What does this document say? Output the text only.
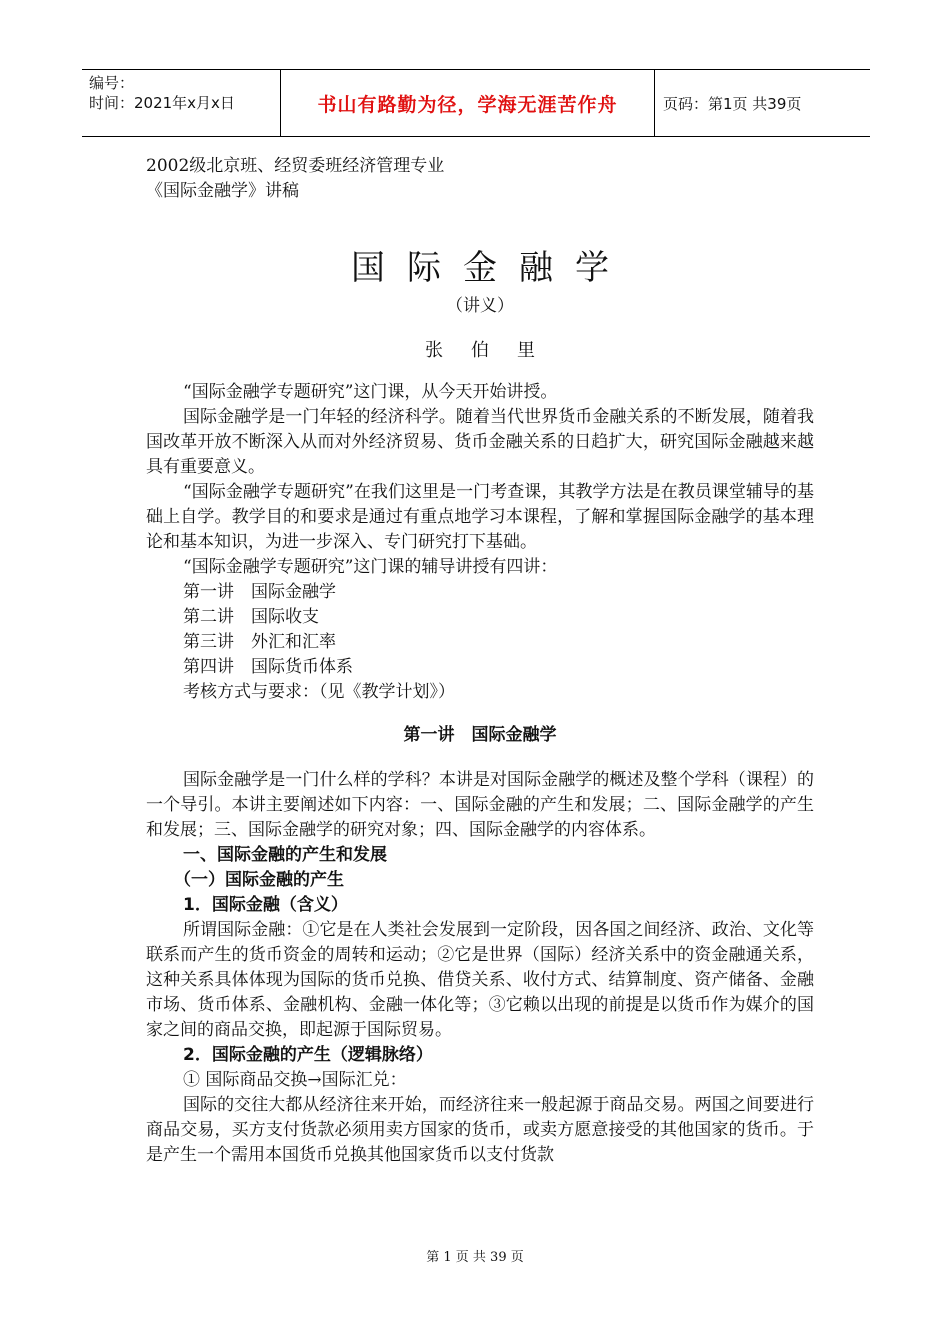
编号：
时间：2021年x月x日	书山有路勤为径，学海无涯苦作舟	页码：第1页 共39页
2002级北京班、经贸委班经济管理专业
《国际金融学》讲稿
国际金融学
（讲义）
张伯里

“国际金融学专题研究”这门课，从今天开始讲授。

国际金融学是一门年轻的经济科学。随着当代世界货币金融关系的不断发展，随着我国改革开放不断深入从而对外经济贸易、货币金融关系的日趋扩大，研究国际金融越来越具有重要意义。

“国际金融学专题研究”在我们这里是一门考查课，其教学方法是在教员课堂辅导的基础上自学。教学目的和要求是通过有重点地学习本课程，了解和掌握国际金融学的基本理论和基本知识，为进一步深入、专门研究打下基础。

“国际金融学专题研究”这门课的辅导讲授有四讲：

第一讲　国际金融学
第二讲　国际收支
第三讲　外汇和汇率
第四讲　国际货币体系
考核方式与要求：（见《教学计划》）
第一讲　国际金融学

国际金融学是一门什么样的学科？本讲是对国际金融学的概述及整个学科（课程）的一个导引。本讲主要阐述如下内容：一、国际金融的产生和发展；二、国际金融学的产生和发展；三、国际金融学的研究对象；四、国际金融学的内容体系。

一、国际金融的产生和发展
（一）国际金融的产生
1．国际金融（含义）

所谓国际金融：①它是在人类社会发展到一定阶段，因各国之间经济、政治、文化等联系而产生的货币资金的周转和运动；②它是世界（国际）经济关系中的资金融通关系，这种关系具体体现为国际的货币兑换、借贷关系、收付方式、结算制度、资产储备、金融市场、货币体系、金融机构、金融一体化等；③它赖以出现的前提是以货币作为媒介的国家之间的商品交换，即起源于国际贸易。

2．国际金融的产生（逻辑脉络）
① 国际商品交换→国际汇兑：

国际的交往大都从经济往来开始，而经济往来一般起源于商品交易。两国之间要进行商品交易，买方支付货款必须用卖方国家的货币，或卖方愿意接受的其他国家的货币。于是产生一个需用本国货币兑换其他国家货币以支付货款

第 1 页 共 39 页
